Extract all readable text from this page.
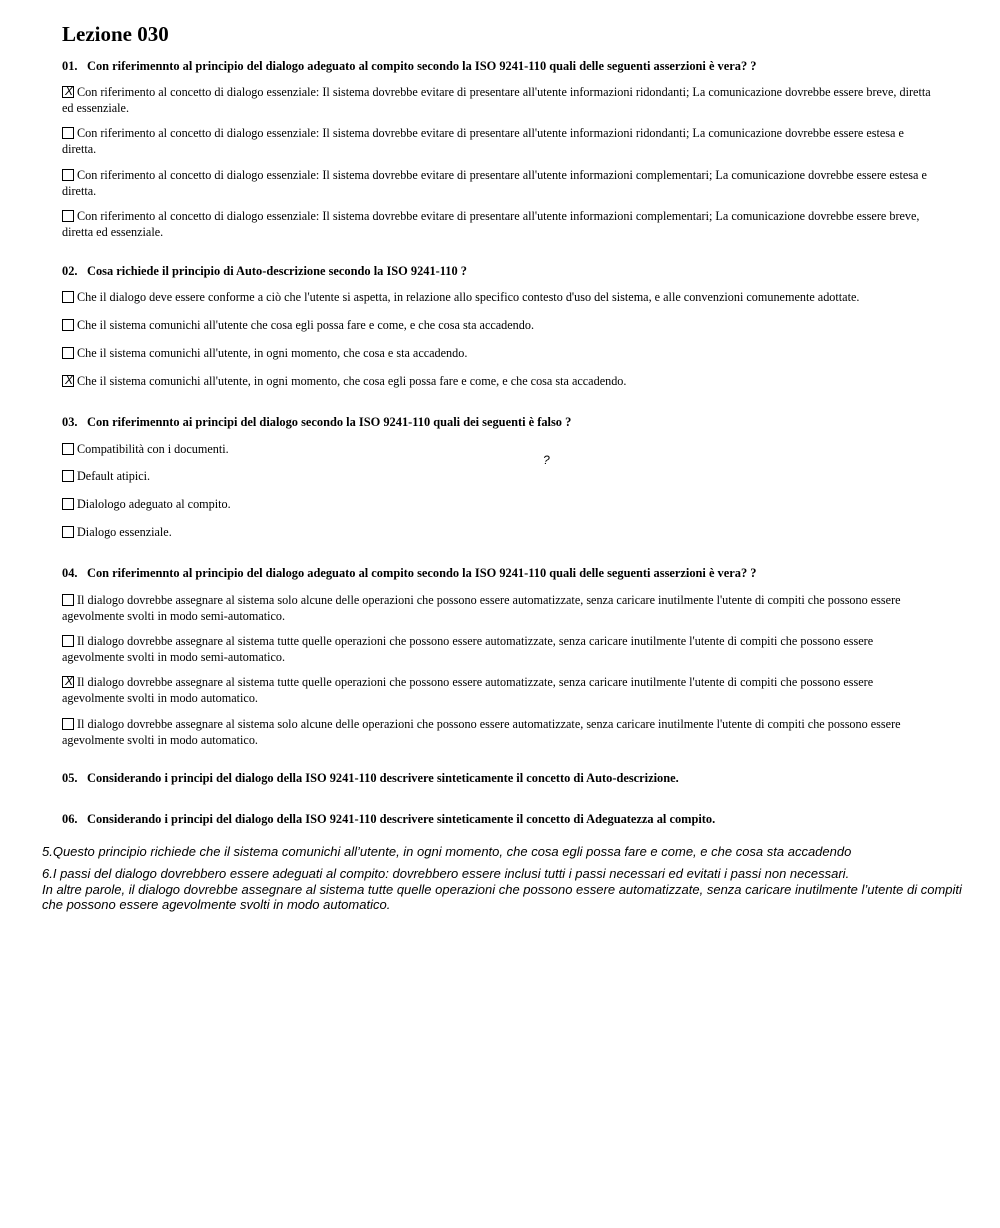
Lezione 030
01. Con riferimennto al principio del dialogo adeguato al compito secondo la ISO 9241-110 quali delle seguenti asserzioni è vera? ?
X Con riferimento al concetto di dialogo essenziale: Il sistema dovrebbe evitare di presentare all'utente informazioni ridondanti; La comunicazione dovrebbe essere breve, diretta ed essenziale.
Con riferimento al concetto di dialogo essenziale: Il sistema dovrebbe evitare di presentare all'utente informazioni ridondanti; La comunicazione dovrebbe essere estesa e diretta.
Con riferimento al concetto di dialogo essenziale: Il sistema dovrebbe evitare di presentare all'utente informazioni complementari; La comunicazione dovrebbe essere estesa e diretta.
Con riferimento al concetto di dialogo essenziale: Il sistema dovrebbe evitare di presentare all'utente informazioni complementari; La comunicazione dovrebbe essere breve, diretta ed essenziale.
02. Cosa richiede il principio di Auto-descrizione secondo la ISO 9241-110 ?
Che il dialogo deve essere conforme a ciò che l'utente si aspetta, in relazione allo specifico contesto d'uso del sistema, e alle convenzioni comunemente adottate.
Che il sistema comunichi all'utente che cosa egli possa fare e come, e che cosa sta accadendo.
Che il sistema comunichi all'utente, in ogni momento, che cosa e sta accadendo.
X Che il sistema comunichi all'utente, in ogni momento, che cosa egli possa fare e come, e che cosa sta accadendo.
03. Con riferimennto ai principi del dialogo secondo la ISO 9241-110 quali dei seguenti è falso ?
Compatibilità con i documenti.
Default atipici.
Dialologo adeguato al compito.
Dialogo essenziale.
?
04. Con riferimennto al principio del dialogo adeguato al compito secondo la ISO 9241-110 quali delle seguenti asserzioni è vera? ?
Il dialogo dovrebbe assegnare al sistema solo alcune delle operazioni che possono essere automatizzate, senza caricare inutilmente l'utente di compiti che possono essere agevolmente svolti in modo semi-automatico.
Il dialogo dovrebbe assegnare al sistema tutte quelle operazioni che possono essere automatizzate, senza caricare inutilmente l'utente di compiti che possono essere agevolmente svolti in modo semi-automatico.
X Il dialogo dovrebbe assegnare al sistema tutte quelle operazioni che possono essere automatizzate, senza caricare inutilmente l'utente di compiti che possono essere agevolmente svolti in modo automatico.
Il dialogo dovrebbe assegnare al sistema solo alcune delle operazioni che possono essere automatizzate, senza caricare inutilmente l'utente di compiti che possono essere agevolmente svolti in modo automatico.
05. Considerando i principi del dialogo della ISO 9241-110 descrivere sinteticamente il concetto di Auto-descrizione.
06. Considerando i principi del dialogo della ISO 9241-110 descrivere sinteticamente il concetto di Adeguatezza al compito.
5.Questo principio richiede che il sistema comunichi all’utente, in ogni momento, che cosa egli possa fare e come, e che cosa sta accadendo
6.I passi del dialogo dovrebbero essere adeguati al compito: dovrebbero essere inclusi tutti i passi necessari ed evitati i passi non necessari.
In altre parole, il dialogo dovrebbe assegnare al sistema tutte quelle operazioni che possono essere automatizzate, senza caricare inutilmente l’utente di compiti che possono essere agevolmente svolti in modo automatico.
